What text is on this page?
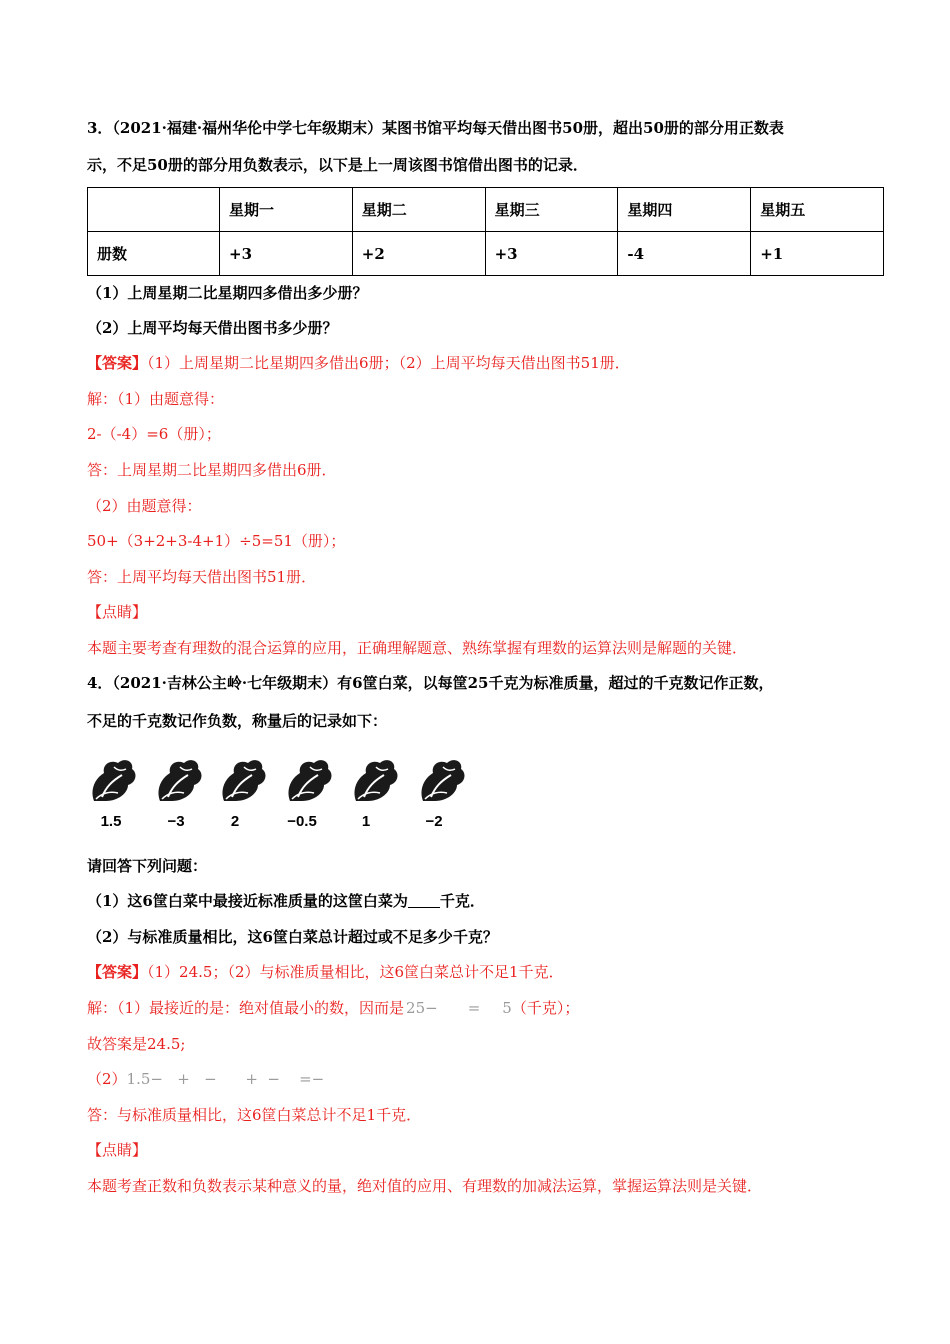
3．（2021·福建·福州华伦中学七年级期末）某图书馆平均每天借出图书50册，超出50册的部分用正数表
示，不足50册的部分用负数表示，以下是上一周该图书馆借出图书的记录．
	星期一	星期二	星期三	星期四	星期五
册数	+3	+2	+3	-4	+1
（1）上周星期二比星期四多借出多少册？
（2）上周平均每天借出图书多少册？
【答案】（1）上周星期二比星期四多借出6册；（2）上周平均每天借出图书51册．
解：（1）由题意得：
2-（-4）=6（册）；
答：上周星期二比星期四多借出6册．
（2）由题意得：
50+（3+2+3-4+1）÷5=51（册）；
答：上周平均每天借出图书51册．
【点睛】
本题主要考查有理数的混合运算的应用，正确理解题意、熟练掌握有理数的运算法则是解题的关键．
4．（2021·吉林公主岭·七年级期末）有6筐白菜，以每筐25千克为标准质量，超过的千克数记作正数，
不足的千克数记作负数，称量后的记录如下：
1.5	−3	2	−0.5	1	−2
请回答下列问题：
（1）这6筐白菜中最接近标准质量的这筐白菜为 千克．
（2）与标准质量相比，这6筐白菜总计超过或不足多少千克？
【答案】（1）24.5；（2）与标准质量相比，这6筐白菜总计不足1千克．
解：（1）最接近的是：绝对值最小的数，因而是 25− = 5（千克）；
故答案是24.5;
（2）1.5−   +   −      +  −    =−
答：与标准质量相比，这6筐白菜总计不足1千克．
【点睛】
本题考查正数和负数表示某种意义的量，绝对值的应用、有理数的加减法运算，掌握运算法则是关键．
